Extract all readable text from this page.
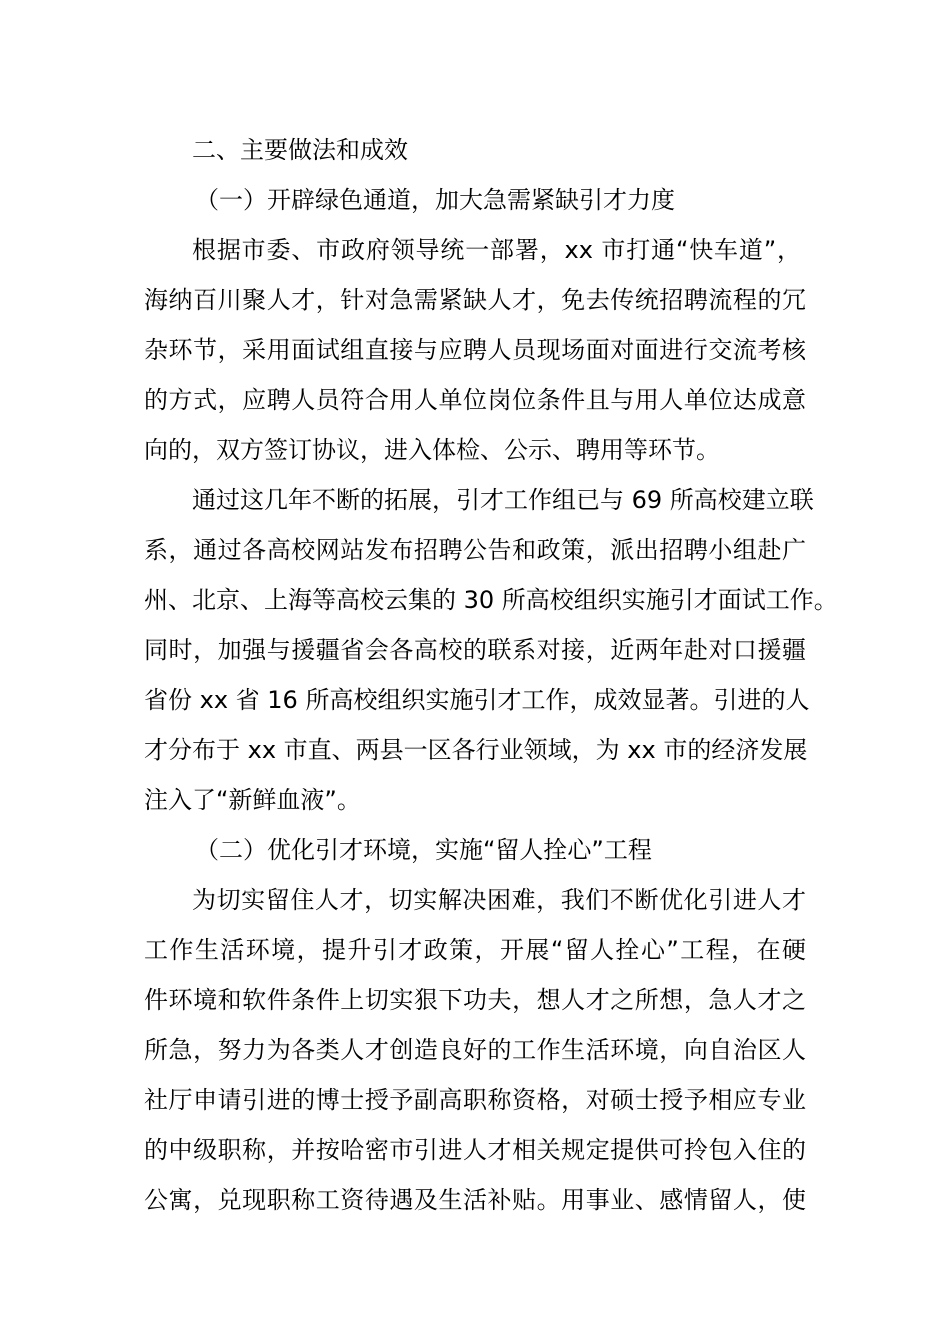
二、主要做法和成效
（一）开辟绿色通道，加大急需紧缺引才力度
根据市委、市政府领导统一部署，xx 市打通“快车道”，
海纳百川聚人才，针对急需紧缺人才，免去传统招聘流程的冗
杂环节，采用面试组直接与应聘人员现场面对面进行交流考核
的方式，应聘人员符合用人单位岗位条件且与用人单位达成意
向的，双方签订协议，进入体检、公示、聘用等环节。
通过这几年不断的拓展，引才工作组已与 69 所高校建立联
系，通过各高校网站发布招聘公告和政策，派出招聘小组赴广
州、北京、上海等高校云集的 30 所高校组织实施引才面试工作。
同时，加强与援疆省会各高校的联系对接，近两年赴对口援疆
省份 xx 省 16 所高校组织实施引才工作，成效显著。引进的人
才分布于 xx 市直、两县一区各行业领域，为 xx 市的经济发展
注入了“新鲜血液”。
（二）优化引才环境，实施“留人拴心”工程
为切实留住人才，切实解决困难，我们不断优化引进人才
工作生活环境，提升引才政策，开展“留人拴心”工程，在硬
件环境和软件条件上切实狠下功夫，想人才之所想，急人才之
所急，努力为各类人才创造良好的工作生活环境，向自治区人
社厅申请引进的博士授予副高职称资格，对硕士授予相应专业
的中级职称，并按哈密市引进人才相关规定提供可拎包入住的
公寓，兑现职称工资待遇及生活补贴。用事业、感情留人，使
